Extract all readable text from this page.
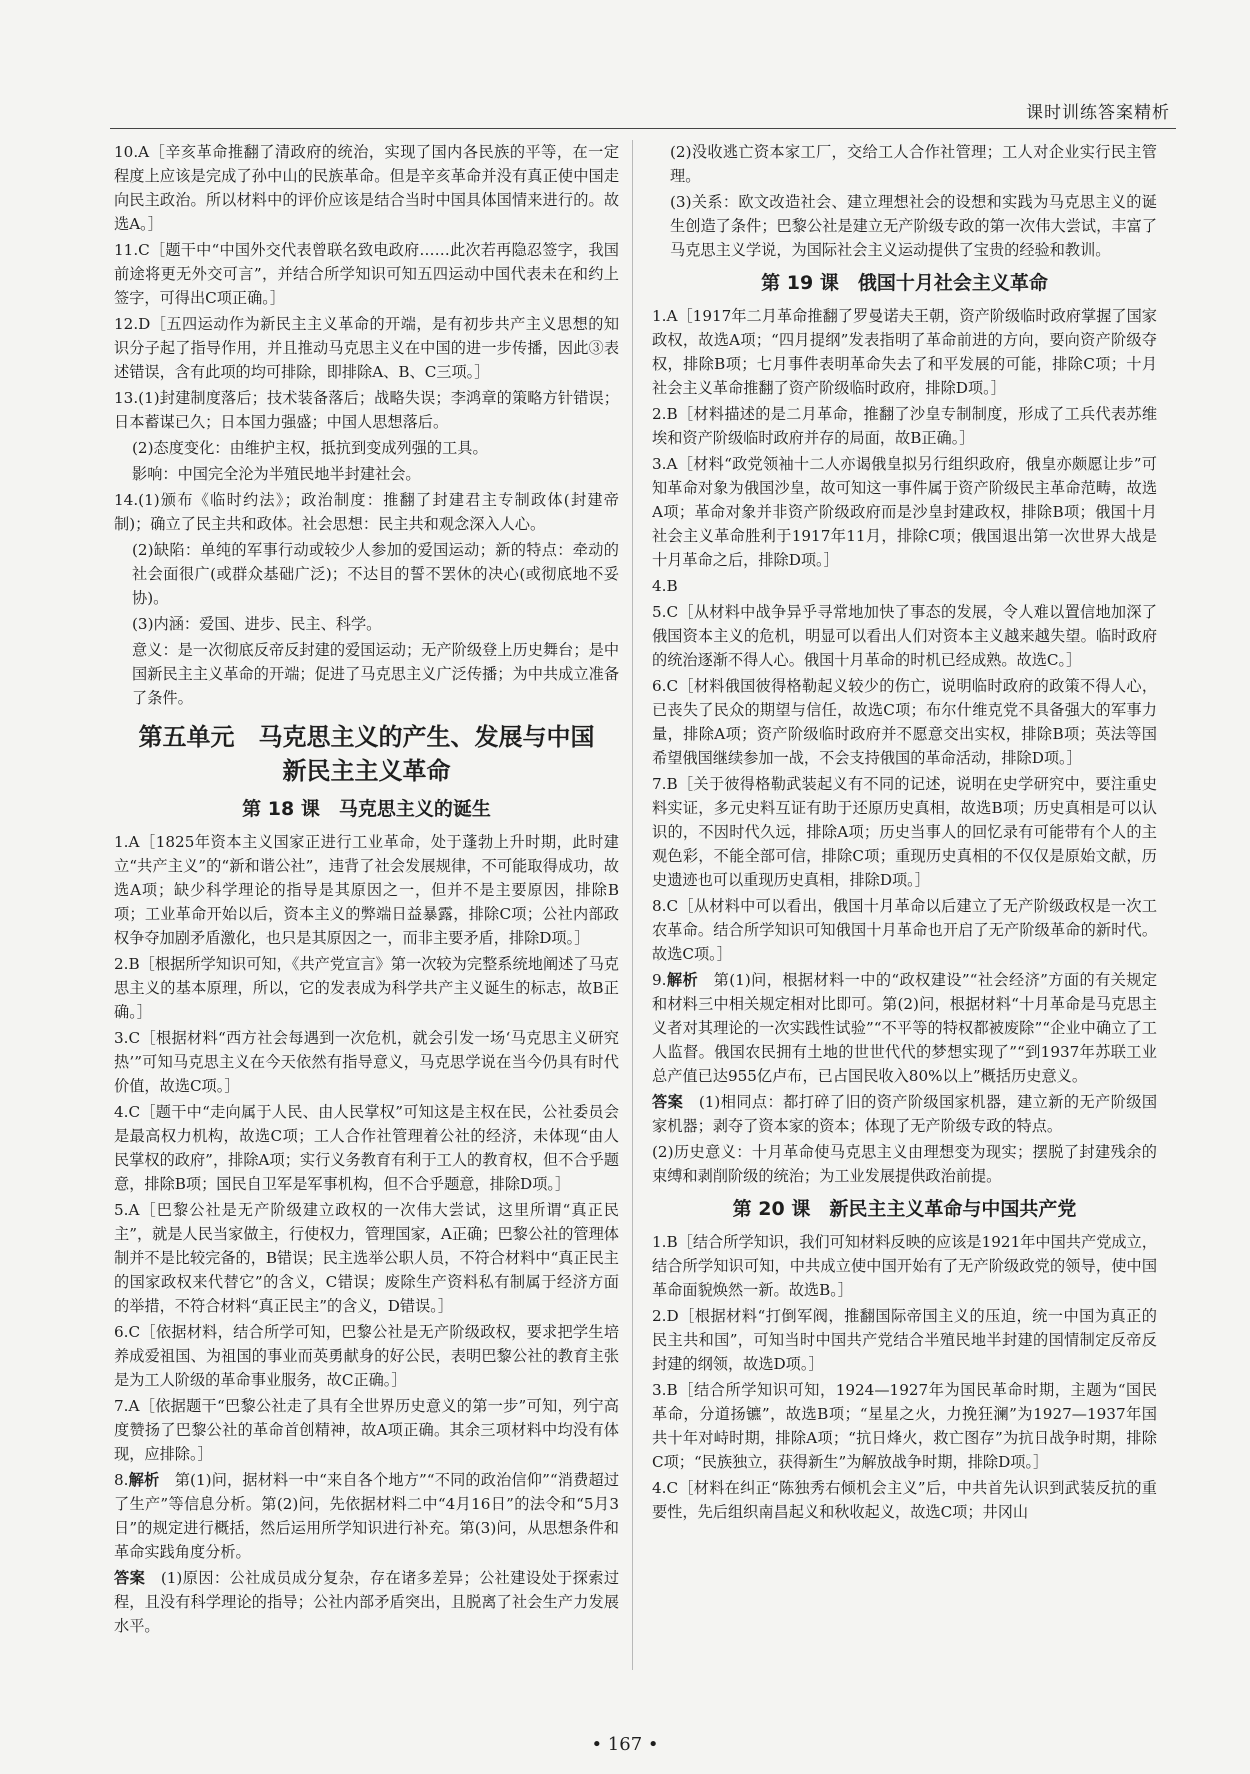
课时训练答案精析

10.A［辛亥革命推翻了清政府的统治，实现了国内各民族的平等，在一定程度上应该是完成了孙中山的民族革命。但是辛亥革命并没有真正使中国走向民主政治。所以材料中的评价应该是结合当时中国具体国情来进行的。故选A。］

11.C［题干中“中国外交代表曾联名致电政府……此次若再隐忍签字，我国前途将更无外交可言”，并结合所学知识可知五四运动中国代表未在和约上签字，可得出C项正确。］

12.D［五四运动作为新民主主义革命的开端，是有初步共产主义思想的知识分子起了指导作用，并且推动马克思主义在中国的进一步传播，因此③表述错误，含有此项的均可排除，即排除A、B、C三项。］

13.(1)封建制度落后；技术装备落后；战略失误；李鸿章的策略方针错误；日本蓄谋已久；日本国力强盛；中国人思想落后。

(2)态度变化：由维护主权，抵抗到变成列强的工具。

影响：中国完全沦为半殖民地半封建社会。

14.(1)颁布《临时约法》；政治制度：推翻了封建君主专制政体(封建帝制)；确立了民主共和政体。社会思想：民主共和观念深入人心。

(2)缺陷：单纯的军事行动或较少人参加的爱国运动；新的特点：牵动的社会面很广(或群众基础广泛)；不达目的誓不罢休的决心(或彻底地不妥协)。

(3)内涵：爱国、进步、民主、科学。

意义：是一次彻底反帝反封建的爱国运动；无产阶级登上历史舞台；是中国新民主主义革命的开端；促进了马克思主义广泛传播；为中共成立准备了条件。

第五单元　马克思主义的产生、发展与中国
新民主主义革命
第 18 课　马克思主义的诞生

1.A［1825年资本主义国家正进行工业革命，处于蓬勃上升时期，此时建立“共产主义”的“新和谐公社”，违背了社会发展规律，不可能取得成功，故选A项；缺少科学理论的指导是其原因之一，但并不是主要原因，排除B项；工业革命开始以后，资本主义的弊端日益暴露，排除C项；公社内部政权争夺加剧矛盾激化，也只是其原因之一，而非主要矛盾，排除D项。］

2.B［根据所学知识可知，《共产党宣言》第一次较为完整系统地阐述了马克思主义的基本原理，所以，它的发表成为科学共产主义诞生的标志，故B正确。］

3.C［根据材料“西方社会每遇到一次危机，就会引发一场‘马克思主义研究热’”可知马克思主义在今天依然有指导意义，马克思学说在当今仍具有时代价值，故选C项。］

4.C［题干中“走向属于人民、由人民掌权”可知这是主权在民，公社委员会是最高权力机构，故选C项；工人合作社管理着公社的经济，未体现“由人民掌权的政府”，排除A项；实行义务教育有利于工人的教育权，但不合乎题意，排除B项；国民自卫军是军事机构，但不合乎题意，排除D项。］

5.A［巴黎公社是无产阶级建立政权的一次伟大尝试，这里所谓“真正民主”，就是人民当家做主，行使权力，管理国家，A正确；巴黎公社的管理体制并不是比较完备的，B错误；民主选举公职人员，不符合材料中“真正民主的国家政权来代替它”的含义，C错误；废除生产资料私有制属于经济方面的举措，不符合材料“真正民主”的含义，D错误。］

6.C［依据材料，结合所学可知，巴黎公社是无产阶级政权，要求把学生培养成爱祖国、为祖国的事业而英勇献身的好公民，表明巴黎公社的教育主张是为工人阶级的革命事业服务，故C正确。］

7.A［依据题干“巴黎公社走了具有全世界历史意义的第一步”可知，列宁高度赞扬了巴黎公社的革命首创精神，故A项正确。其余三项材料中均没有体现，应排除。］

8.解析　 第(1)问，据材料一中“来自各个地方”“不同的政治信仰”“消费超过了生产”等信息分析。第(2)问，先依据材料二中“4月16日”的法令和“5月3日”的规定进行概括，然后运用所学知识进行补充。第(3)问，从思想条件和革命实践角度分析。

答案　 (1)原因：公社成员成分复杂，存在诸多差异；公社建设处于探索过程，且没有科学理论的指导；公社内部矛盾突出，且脱离了社会生产力发展水平。

(2)没收逃亡资本家工厂，交给工人合作社管理；工人对企业实行民主管理。

(3)关系：欧文改造社会、建立理想社会的设想和实践为马克思主义的诞生创造了条件；巴黎公社是建立无产阶级专政的第一次伟大尝试，丰富了马克思主义学说，为国际社会主义运动提供了宝贵的经验和教训。

第 19 课　俄国十月社会主义革命

1.A［1917年二月革命推翻了罗曼诺夫王朝，资产阶级临时政府掌握了国家政权，故选A项；“四月提纲”发表指明了革命前进的方向，要向资产阶级夺权，排除B项；七月事件表明革命失去了和平发展的可能，排除C项；十月社会主义革命推翻了资产阶级临时政府，排除D项。］

2.B［材料描述的是二月革命，推翻了沙皇专制制度，形成了工兵代表苏维埃和资产阶级临时政府并存的局面，故B正确。］

3.A［材料“政党领袖十二人亦谒俄皇拟另行组织政府，俄皇亦颇愿让步”可知革命对象为俄国沙皇，故可知这一事件属于资产阶级民主革命范畴，故选A项；革命对象并非资产阶级政府而是沙皇封建政权，排除B项；俄国十月社会主义革命胜利于1917年11月，排除C项；俄国退出第一次世界大战是十月革命之后，排除D项。］

4.B

5.C［从材料中战争异乎寻常地加快了事态的发展，令人难以置信地加深了俄国资本主义的危机，明显可以看出人们对资本主义越来越失望。临时政府的统治逐渐不得人心。俄国十月革命的时机已经成熟。故选C。］

6.C［材料俄国彼得格勒起义较少的伤亡，说明临时政府的政策不得人心，已丧失了民众的期望与信任，故选C项；布尔什维克党不具备强大的军事力量，排除A项；资产阶级临时政府并不愿意交出实权，排除B项；英法等国希望俄国继续参加一战，不会支持俄国的革命活动，排除D项。］

7.B［关于彼得格勒武装起义有不同的记述，说明在史学研究中，要注重史料实证，多元史料互证有助于还原历史真相，故选B项；历史真相是可以认识的，不因时代久远，排除A项；历史当事人的回忆录有可能带有个人的主观色彩，不能全部可信，排除C项；重现历史真相的不仅仅是原始文献，历史遗迹也可以重现历史真相，排除D项。］

8.C［从材料中可以看出，俄国十月革命以后建立了无产阶级政权是一次工农革命。结合所学知识可知俄国十月革命也开启了无产阶级革命的新时代。故选C项。］

9.解析　 第(1)问，根据材料一中的“政权建设”“社会经济”方面的有关规定和材料三中相关规定相对比即可。第(2)问，根据材料“十月革命是马克思主义者对其理论的一次实践性试验”“不平等的特权都被废除”“企业中确立了工人监督。俄国农民拥有土地的世世代代的梦想实现了”“到1937年苏联工业总产值已达955亿卢布，已占国民收入80%以上”概括历史意义。

答案　 (1)相同点：都打碎了旧的资产阶级国家机器，建立新的无产阶级国家机器；剥夺了资本家的资本；体现了无产阶级专政的特点。

(2)历史意义：十月革命使马克思主义由理想变为现实；摆脱了封建残余的束缚和剥削阶级的统治；为工业发展提供政治前提。

第 20 课　新民主主义革命与中国共产党

1.B［结合所学知识，我们可知材料反映的应该是1921年中国共产党成立，结合所学知识可知，中共成立使中国开始有了无产阶级政党的领导，使中国革命面貌焕然一新。故选B。］

2.D［根据材料“打倒军阀，推翻国际帝国主义的压迫，统一中国为真正的民主共和国”，可知当时中国共产党结合半殖民地半封建的国情制定反帝反封建的纲领，故选D项。］

3.B［结合所学知识可知，1924—1927年为国民革命时期，主题为“国民革命，分道扬镳”，故选B项；“星星之火，力挽狂澜”为1927—1937年国共十年对峙时期，排除A项；“抗日烽火，救亡图存”为抗日战争时期，排除C项；“民族独立，获得新生”为解放战争时期，排除D项。］

4.C［材料在纠正“陈独秀右倾机会主义”后，中共首先认识到武装反抗的重要性，先后组织南昌起义和秋收起义，故选C项；井冈山

• 167 •
